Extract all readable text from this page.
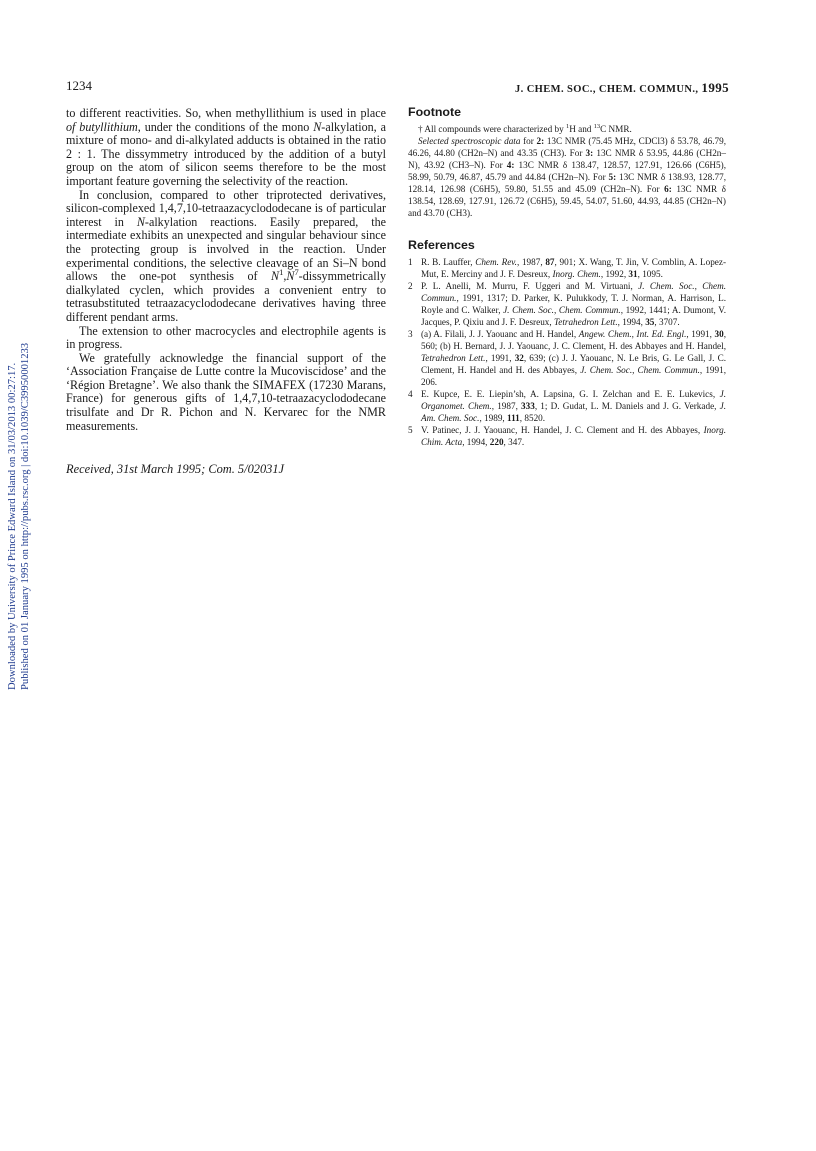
1234	J. CHEM. SOC., CHEM. COMMUN., 1995
Downloaded by University of Prince Edward Island on 31/03/2013 00:27:17. Published on 01 January 1995 on http://pubs.rsc.org | doi:10.1039/C39950001233

to different reactivities. So, when methyllithium is used in place of butyllithium, under the conditions of the mono N-alkylation, a mixture of mono- and di-alkylated adducts is obtained in the ratio 2 : 1. The dissymmetry introduced by the addition of a butyl group on the atom of silicon seems therefore to be the most important feature governing the selectivity of the reaction.

In conclusion, compared to other triprotected derivatives, silicon-complexed 1,4,7,10-tetraazacyclododecane is of particular interest in N-alkylation reactions. Easily prepared, the intermediate exhibits an unexpected and singular behaviour since the protecting group is involved in the reaction. Under experimental conditions, the selective cleavage of an Si–N bond allows the one-pot synthesis of $N^1,N^7$-dissymmetrically dialkylated cyclen, which provides a convenient entry to tetrasubstituted tetraazacyclododecane derivatives having three different pendant arms.

The extension to other macrocycles and electrophile agents is in progress.

We gratefully acknowledge the financial support of the ‘Association Française de Lutte contre la Mucoviscidose’ and the ‘Région Bretagne’. We also thank the SIMAFEX (17230 Marans, France) for generous gifts of 1,4,7,10-tetraazacyclododecane trisulfate and Dr R. Pichon and N. Kervarec for the NMR measurements.

Received, 31st March 1995; Com. 5/02031J
Footnote

† All compounds were characterized by $^1$H and $^{13}$C NMR.

Selected spectroscopic data for 2: 13C NMR (75.45 MHz, CDCl3) δ 53.78, 46.79, 46.26, 44.80 (CH2n–N) and 43.35 (CH3). For 3: 13C NMR δ 53.95, 44.86 (CH2n–N), 43.92 (CH3–N). For 4: 13C NMR δ 138.47, 128.57, 127.91, 126.66 (C6H5), 58.99, 50.79, 46.87, 45.79 and 44.84 (CH2n–N). For 5: 13C NMR δ 138.93, 128.77, 128.14, 126.98 (C6H5), 59.80, 51.55 and 45.09 (CH2n–N). For 6: 13C NMR δ 138.54, 128.69, 127.91, 126.72 (C6H5), 59.45, 54.07, 51.60, 44.93, 44.85 (CH2n–N) and 43.70 (CH3).

References
1 R. B. Lauffer, Chem. Rev., 1987, 87, 901; X. Wang, T. Jin, V. Comblin, A. Lopez-Mut, E. Merciny and J. F. Desreux, Inorg. Chem., 1992, 31, 1095.
2 P. L. Anelli, M. Murru, F. Uggeri and M. Virtuani, J. Chem. Soc., Chem. Commun., 1991, 1317; D. Parker, K. Pulukkody, T. J. Norman, A. Harrison, L. Royle and C. Walker, J. Chem. Soc., Chem. Commun., 1992, 1441; A. Dumont, V. Jacques, P. Qixiu and J. F. Desreux, Tetrahedron Lett., 1994, 35, 3707.
3 (a) A. Filali, J. J. Yaouanc and H. Handel, Angew. Chem., Int. Ed. Engl., 1991, 30, 560; (b) H. Bernard, J. J. Yaouanc, J. C. Clement, H. des Abbayes and H. Handel, Tetrahedron Lett., 1991, 32, 639; (c) J. J. Yaouanc, N. Le Bris, G. Le Gall, J. C. Clement, H. Handel and H. des Abbayes, J. Chem. Soc., Chem. Commun., 1991, 206.
4 E. Kupce, E. E. Liepin’sh, A. Lapsina, G. I. Zelchan and E. E. Lukevics, J. Organomet. Chem., 1987, 333, 1; D. Gudat, L. M. Daniels and J. G. Verkade, J. Am. Chem. Soc., 1989, 111, 8520.
5 V. Patinec, J. J. Yaouanc, H. Handel, J. C. Clement and H. des Abbayes, Inorg. Chim. Acta, 1994, 220, 347.
